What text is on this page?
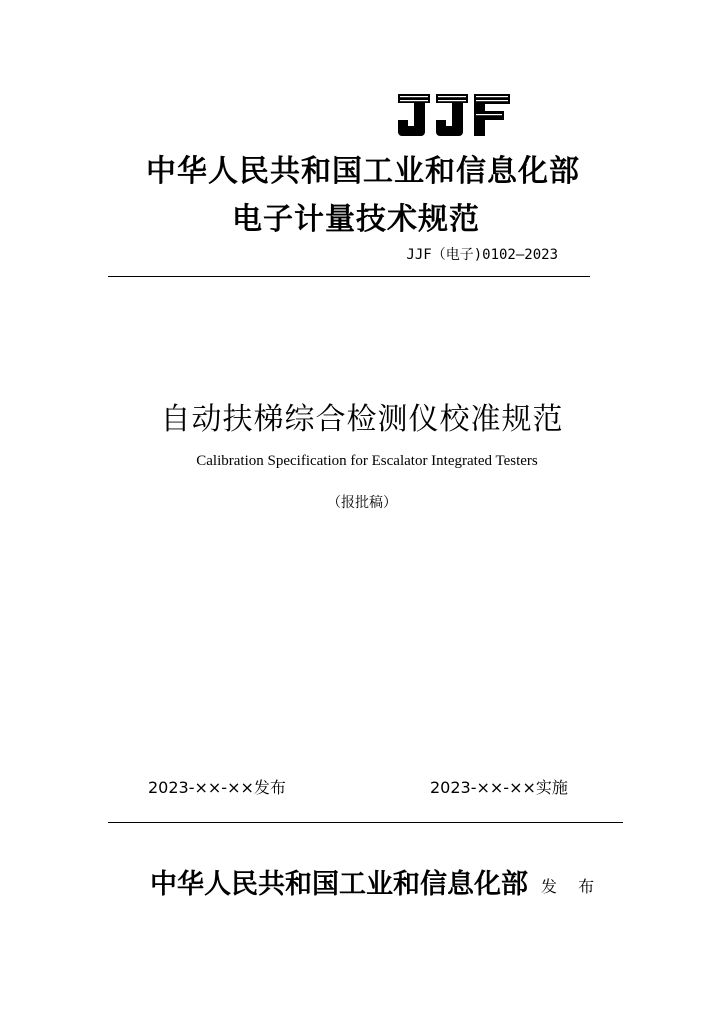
中华人民共和国工业和信息化部
电子计量技术规范
JJF（电子)0102—2023
自动扶梯综合检测仪校准规范
Calibration Specification for Escalator Integrated Testers
（报批稿）
2023-××-××发布	2023-××-××实施
中华人民共和国工业和信息化部 发 布
